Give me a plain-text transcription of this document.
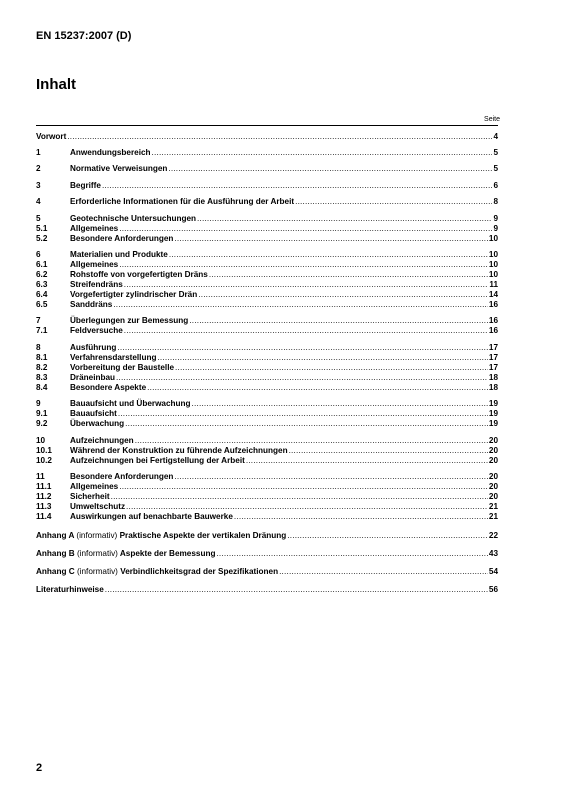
EN 15237:2007 (D)
Inhalt
Seite
Vorwort .....	4
1	Anwendungsbereich .....	5
2	Normative Verweisungen .....	5
3	Begriffe .....	6
4	Erforderliche Informationen für die Ausführung der Arbeit .....	8
5	Geotechnische Untersuchungen .....	9
5.1	Allgemeines .....	9
5.2	Besondere Anforderungen .....	10
6	Materialien und Produkte .....	10
6.1	Allgemeines .....	10
6.2	Rohstoffe von vorgefertigten Dräns .....	10
6.3	Streifendräns .....	11
6.4	Vorgefertigter zylindrischer Drän .....	14
6.5	Sanddräns .....	16
7	Überlegungen zur Bemessung .....	16
7.1	Feldversuche .....	16
8	Ausführung .....	17
8.1	Verfahrensdarstellung .....	17
8.2	Vorbereitung der Baustelle .....	17
8.3	Dräneinbau .....	18
8.4	Besondere Aspekte .....	18
9	Bauaufsicht und Überwachung .....	19
9.1	Bauaufsicht .....	19
9.2	Überwachung .....	19
10	Aufzeichnungen .....	20
10.1	Während der Konstruktion zu führende Aufzeichnungen .....	20
10.2	Aufzeichnungen bei Fertigstellung der Arbeit .....	20
11	Besondere Anforderungen .....	20
11.1	Allgemeines .....	20
11.2	Sicherheit .....	20
11.3	Umweltschutz .....	21
11.4	Auswirkungen auf benachbarte Bauwerke .....	21
Anhang A (informativ) Praktische Aspekte der vertikalen Dränung .....	22
Anhang B (informativ) Aspekte der Bemessung .....	43
Anhang C (informativ) Verbindlichkeitsgrad der Spezifikationen .....	54
Literaturhinweise .....	56
2
